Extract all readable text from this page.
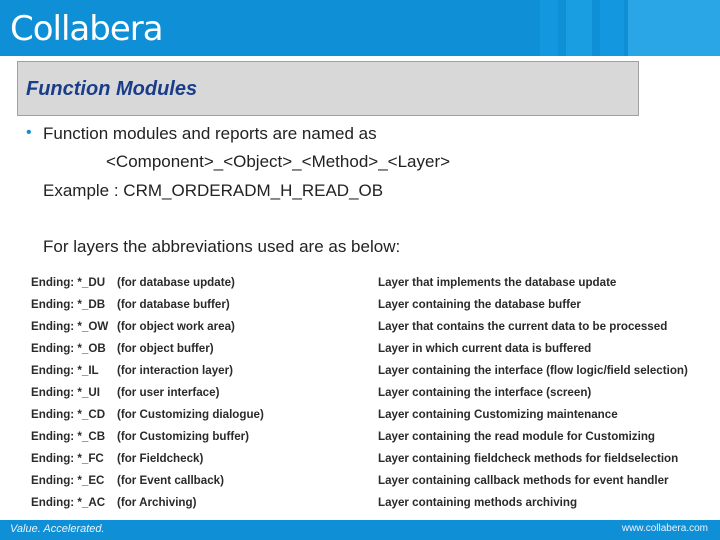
Collabera
Function Modules
• Function modules and reports are named as
<Component>_<Object>_<Method>_<Layer>
Example : CRM_ORDERADM_H_READ_OB
For layers the abbreviations used are as below:
Ending: *_DU (for database update)	Layer that implements the database update
Ending: *_DB (for database buffer)	Layer containing the database buffer
Ending: *_OW (for object work area)	Layer that contains the current data to be processed
Ending: *_OB (for object buffer)	Layer in which current data is buffered
Ending: *_IL (for interaction layer)	Layer containing the interface (flow logic/field selection)
Ending: *_UI (for user interface)	Layer containing the interface (screen)
Ending: *_CD (for Customizing dialogue)	Layer containing Customizing maintenance
Ending: *_CB (for Customizing buffer)	Layer containing the read module for Customizing
Ending: *_FC (for Fieldcheck)	Layer containing fieldcheck methods for fieldselection
Ending: *_EC (for Event callback)	Layer containing callback methods for event handler
Ending: *_AC (for Archiving)	Layer containing methods archiving
Value. Accelerated.	www.collabera.com
